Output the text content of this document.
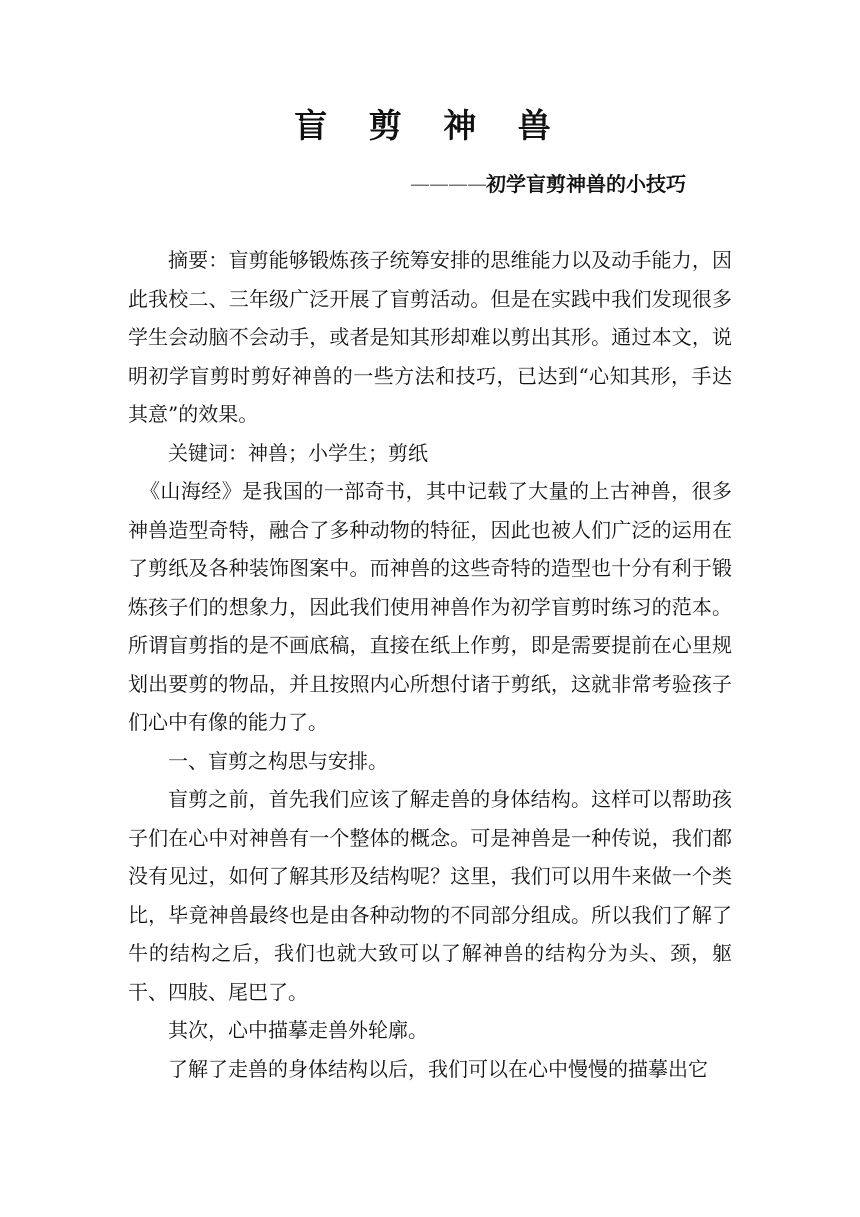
盲 剪 神 兽
————初学盲剪神兽的小技巧

摘要：盲剪能够锻炼孩子统筹安排的思维能力以及动手能力，因此我校二、三年级广泛开展了盲剪活动。但是在实践中我们发现很多学生会动脑不会动手，或者是知其形却难以剪出其形。通过本文，说明初学盲剪时剪好神兽的一些方法和技巧，已达到“心知其形，手达其意”的效果。

关键词：神兽；小学生；剪纸

《山海经》是我国的一部奇书，其中记载了大量的上古神兽，很多神兽造型奇特，融合了多种动物的特征，因此也被人们广泛的运用在了剪纸及各种装饰图案中。而神兽的这些奇特的造型也十分有利于锻炼孩子们的想象力，因此我们使用神兽作为初学盲剪时练习的范本。所谓盲剪指的是不画底稿，直接在纸上作剪，即是需要提前在心里规划出要剪的物品，并且按照内心所想付诸于剪纸，这就非常考验孩子们心中有像的能力了。

一、盲剪之构思与安排。

盲剪之前，首先我们应该了解走兽的身体结构。这样可以帮助孩子们在心中对神兽有一个整体的概念。可是神兽是一种传说，我们都没有见过，如何了解其形及结构呢？这里，我们可以用牛来做一个类比，毕竟神兽最终也是由各种动物的不同部分组成。所以我们了解了牛的结构之后，我们也就大致可以了解神兽的结构分为头、颈，躯干、四肢、尾巴了。

其次，心中描摹走兽外轮廓。

了解了走兽的身体结构以后，我们可以在心中慢慢的描摹出它
